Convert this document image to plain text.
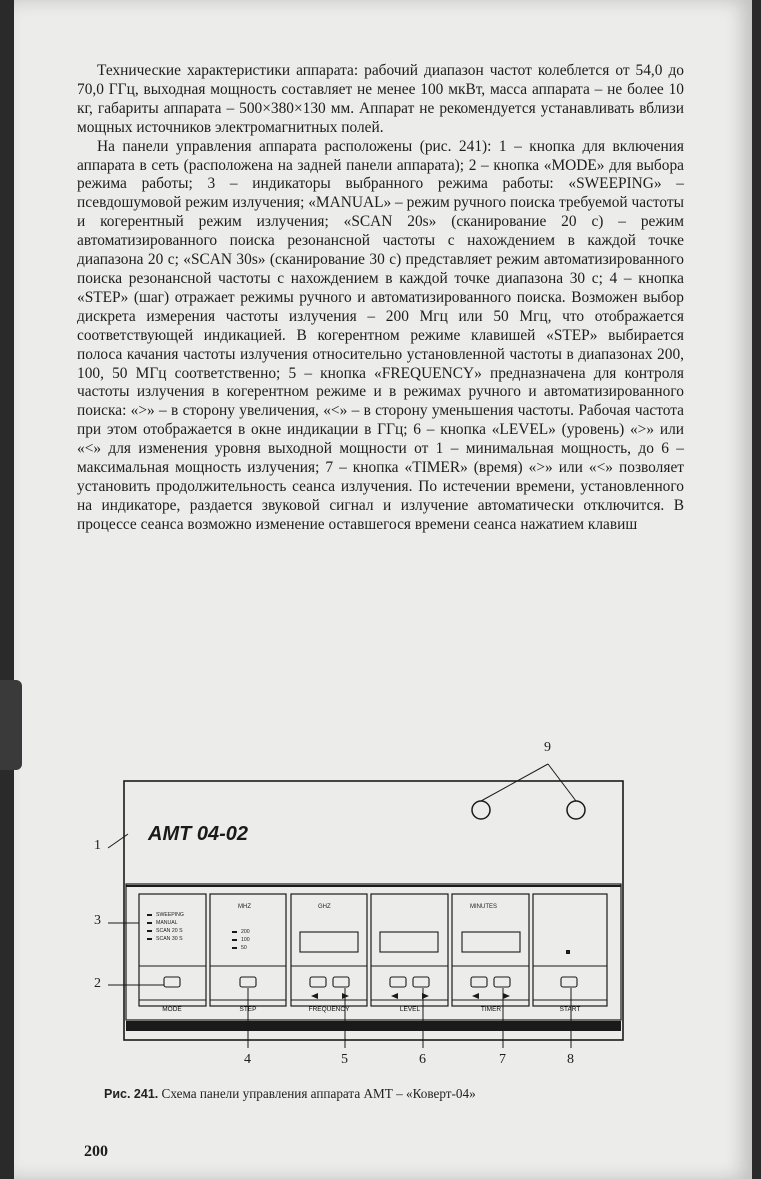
Технические характеристики аппарата: рабочий диапазон частот колеблется от 54,0 до 70,0 ГГц, выходная мощность составляет не менее 100 мкВт, масса аппарата – не более 10 кг, габариты аппарата – 500×380×130 мм. Аппарат не рекомендуется устанавливать вблизи мощных источников электромагнитных полей.

На панели управления аппарата расположены (рис. 241): 1 – кнопка для включения аппарата в сеть (расположена на задней панели аппарата); 2 – кнопка «MODE» для выбора режима работы; 3 – индикаторы выбранного режима работы: «SWEEPING» – псевдошумовой режим излучения; «MANUAL» – режим ручного поиска требуемой частоты и когерентный режим излучения; «SCAN 20s» (сканирование 20 с) – режим автоматизированного поиска резонансной частоты с нахождением в каждой точке диапазона 20 с; «SCAN 30s» (сканирование 30 с) представляет режим автоматизированного поиска резонансной частоты с нахождением в каждой точке диапазона 30 с; 4 – кнопка «STEP» (шаг) отражает режимы ручного и автоматизированного поиска. Возможен выбор дискрета измерения частоты излучения – 200 Мгц или 50 Мгц, что отображается соответствующей индикацией. В когерентном режиме клавишей «STEP» выбирается полоса качания частоты излучения относительно установленной частоты в диапазонах 200, 100, 50 МГц соответственно; 5 – кнопка «FREQUENCY» предназначена для контроля частоты излучения в когерентном режиме и в режимах ручного и автоматизированного поиска: «>» – в сторону увеличения, «<» – в сторону уменьшения частоты. Рабочая частота при этом отображается в окне индикации в ГГц; 6 – кнопка «LEVEL» (уровень) «>» или «<» для изменения уровня выходной мощности от 1 – минимальная мощность, до 6 – максимальная мощность излучения; 7 – кнопка «TIMER» (время) «>» или «<» позволяет установить продолжительность сеанса излучения. По истечении времени, установленного на индикаторе, раздается звуковой сигнал и излучение автоматически отключится. В процессе сеанса возможно изменение оставшегося времени сеанса нажатием клавиш

АМТ 04-02
SWEEPING
MANUAL
SCAN 20 S
SCAN 30 S
MHZ
200
100
50
GHZ	MINUTES
MODE	STEP	FREQUENCY	LEVEL	TIMER	START
1
2
3
4	5	6	7	8
9
Рис. 241. Схема панели управления аппарата АМТ – «Коверт-04»
200
